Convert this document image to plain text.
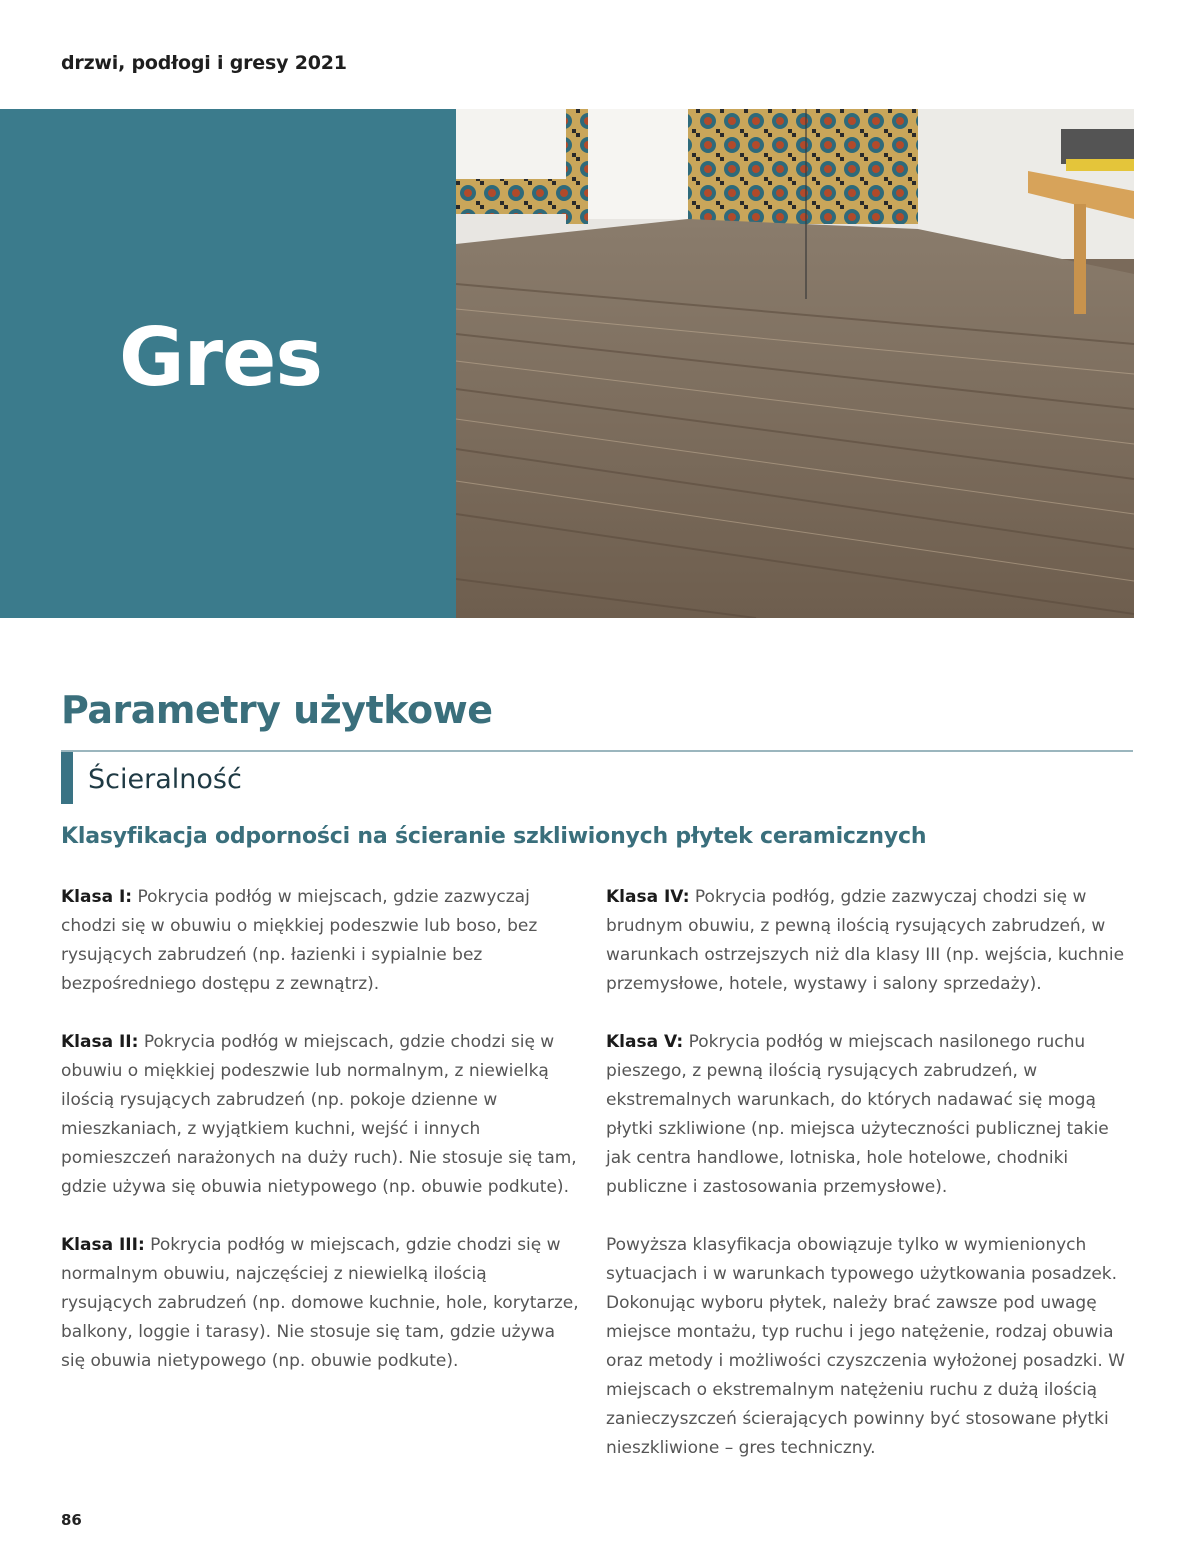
drzwi, podłogi i gresy 2021
Gres
Parametry użytkowe
Ścieralność
Klasyfikacja odporności na ścieranie szkliwionych płytek ceramicznych

Klasa I: Pokrycia podłóg w miejscach, gdzie zazwyczaj chodzi się w obuwiu o miękkiej podeszwie lub boso, bez rysujących zabrudzeń (np. łazienki i sypialnie bez bezpośredniego dostępu z zewnątrz).

Klasa II: Pokrycia podłóg w miejscach, gdzie chodzi się w obuwiu o miękkiej podeszwie lub normalnym, z niewielką ilością rysujących zabrudzeń (np. pokoje dzienne w mieszkaniach, z wyjątkiem kuchni, wejść i innych pomieszczeń narażonych na duży ruch). Nie stosuje się tam, gdzie używa się obuwia nietypowego (np. obuwie podkute).

Klasa III: Pokrycia podłóg w miejscach, gdzie chodzi się w normalnym obuwiu, najczęściej z niewielką ilością rysujących zabrudzeń (np. domowe kuchnie, hole, korytarze, balkony, loggie i tarasy). Nie stosuje się tam, gdzie używa się obuwia nietypowego (np. obuwie podkute).

Klasa IV: Pokrycia podłóg, gdzie zazwyczaj chodzi się w brudnym obuwiu, z pewną ilością rysujących zabrudzeń, w warunkach ostrzejszych niż dla klasy III (np. wejścia, kuchnie przemysłowe, hotele, wystawy i salony sprzedaży).

Klasa V: Pokrycia podłóg w miejscach nasilonego ruchu pieszego, z pewną ilością rysujących zabrudzeń, w ekstremalnych warunkach, do których nadawać się mogą płytki szkliwione (np. miejsca użyteczności publicznej takie jak centra handlowe, lotniska, hole hotelowe, chodniki publiczne i zastosowania przemysłowe).

Powyższa klasyfikacja obowiązuje tylko w wymienionych sytuacjach i w warunkach typowego użytkowania posadzek. Dokonując wyboru płytek, należy brać zawsze pod uwagę miejsce montażu, typ ruchu i jego natężenie, rodzaj obuwia oraz metody i możliwości czyszczenia wyłożonej posadzki. W miejscach o ekstremalnym natężeniu ruchu z dużą ilością zanieczyszczeń ścierających powinny być stosowane płytki nieszkliwione – gres techniczny.

86
